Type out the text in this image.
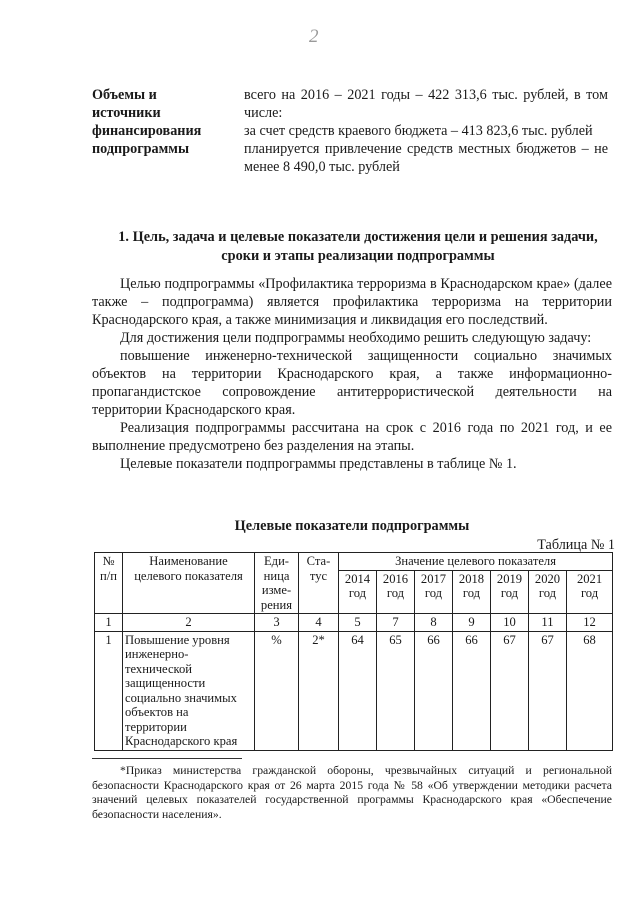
2
Объемы и
источники
финансирования
подпрограммы

всего на 2016 – 2021 годы – 422 313,6 тыс. рублей, в том числе:

за счет средств краевого бюджета – 413 823,6 тыс. рублей

планируется привлечение средств местных бюджетов – не менее 8 490,0 тыс. рублей

1. Цель, задача и целевые показатели достижения цели и решения задачи,
сроки и этапы реализации подпрограммы

Целью подпрограммы «Профилактика терроризма в Краснодарском крае» (далее также – подпрограмма) является профилактика терроризма на территории Краснодарского края, а также минимизация и ликвидация его последствий.

Для достижения цели подпрограммы необходимо решить следующую задачу:

повышение инженерно-технической защищенности социально значимых объектов на территории Краснодарского края, а также информационно-пропагандистское сопровождение антитеррористической деятельности на территории Краснодарского края.

Реализация подпрограммы рассчитана на срок с 2016 года по 2021 год, и ее выполнение предусмотрено без разделения на этапы.

Целевые показатели подпрограммы представлены в таблице № 1.

Целевые показатели подпрограммы
Таблица № 1
№ п/п	Наименование целевого показателя	Еди-ница изме-рения	Ста-тус	Значение целевого показателя						
				2014 год	2016 год	2017 год	2018 год	2019 год	2020 год	2021 год
1	2	3	4	5	7	8	9	10	11	12
1	Повышение уровня инженерно-технической защищенности социально значимых объектов на территории Краснодарского края	%	2*	64	65	66	66	67	67	68

*Приказ министерства гражданской обороны, чрезвычайных ситуаций и региональной безопасности Краснодарского края от 26 марта 2015 года № 58 «Об утверждении методики расчета значений целевых показателей государственной программы Краснодарского края «Обеспечение безопасности населения».
